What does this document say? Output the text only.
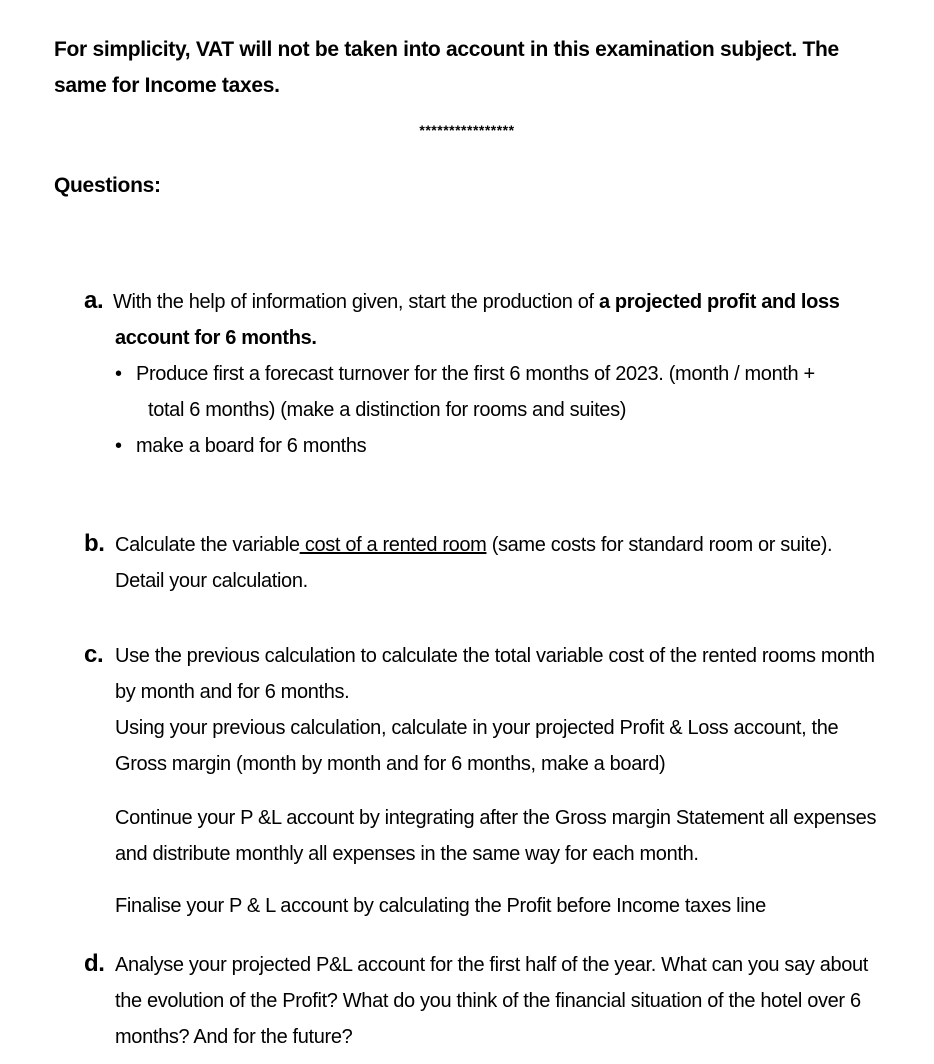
For simplicity, VAT will not be taken into account in this examination subject. The same for Income taxes.
****************
Questions:
a. With the help of information given, start the production of a projected profit and loss account for 6 months.
• Produce first a forecast turnover for the first 6 months of 2023. (month / month +
total 6 months) (make a distinction for rooms and suites)
• make a board for 6 months
b. Calculate the variable cost of a rented room (same costs for standard room or suite). Detail your calculation.
c. Use the previous calculation to calculate the total variable cost of the rented rooms month by month and for 6 months.
Using your previous calculation, calculate in your projected Profit & Loss account, the Gross margin (month by month and for 6 months, make a board)
Continue your P &L account by integrating after the Gross margin Statement all expenses and distribute monthly all expenses in the same way for each month.
Finalise your P & L account by calculating the Profit before Income taxes line
d. Analyse your projected P&L account for the first half of the year. What can you say about the evolution of the Profit? What do you think of the financial situation of the hotel over 6 months? And for the future?
